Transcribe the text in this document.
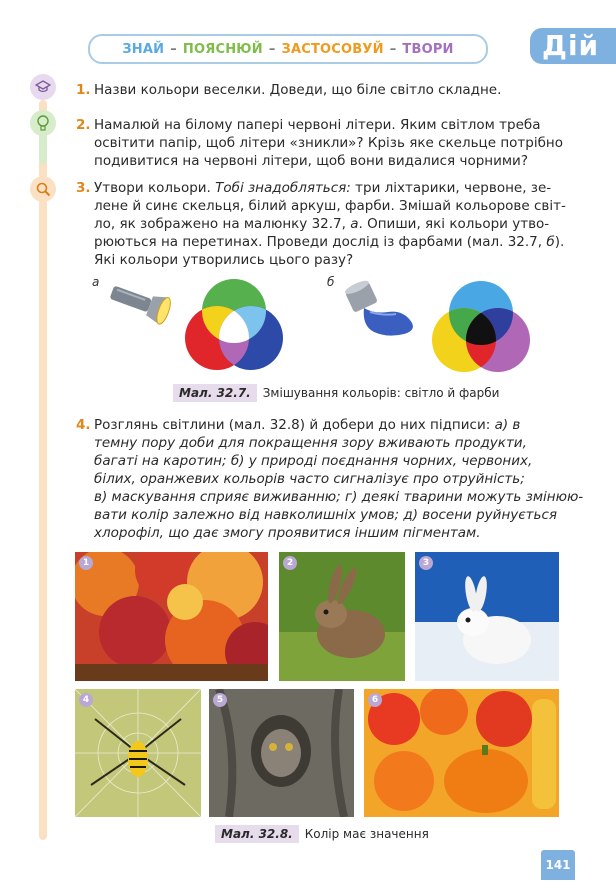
ЗНАЙ – ПОЯСНЮЙ – ЗАСТОСОВУЙ – ТВОРИ	Дій
1. Назви кольори веселки. Доведи, що біле світло складне.
2. Намалюй на білому папері червоні літери. Яким світлом треба
освітити папір, щоб літери «зникли»? Крізь яке скельце потрібно
подивитися на червоні літери, щоб вони видалися чорними?
3. Утвори кольори. Тобі знадобляться: три ліхтарики, червоне, зе-
лене й синє скельця, білий аркуш, фарби. Змішай кольорове світ-
ло, як зображено на малюнку 32.7, а. Опиши, які кольори утво-
рюються на перетинах. Проведи дослід із фарбами (мал. 32.7, б).
Які кольори утворились цього разу?
а	б
Мал. 32.7. Змішування кольорів: світло й фарби
4. Розглянь світлини (мал. 32.8) й добери до них підписи: а) в
темну пору доби для покращення зору вживають продукти,
багаті на каротин; б) у природі поєднання чорних, червоних,
білих, оранжевих кольорів часто сигналізує про отруйність;
в) маскування сприяє виживанню; г) деякі тварини можуть змінюю-
вати колір залежно від навколишніх умов; д) восени руйнується
хлорофіл, що дає змогу проявитися іншим пігментам.
1	2	3
4	5	6
Мал. 32.8. Колір має значення
141
